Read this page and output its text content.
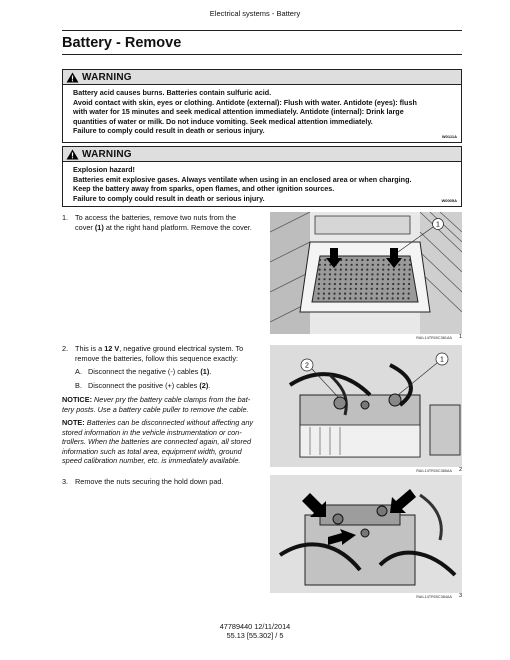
Electrical systems - Battery
Battery - Remove
WARNING
Battery acid causes burns. Batteries contain sulfuric acid.
Avoid contact with skin, eyes or clothing. Antidote (external): Flush with water. Antidote (eyes): flush
with water for 15 minutes and seek medical attention immediately. Antidote (internal): Drink large
quantities of water or milk. Do not induce vomiting. Seek medical attention immediately.
Failure to comply could result in death or serious injury.
W0111A
WARNING
Explosion hazard!
Batteries emit explosive gases. Always ventilate when using in an enclosed area or when charging.
Keep the battery away from sparks, open flames, and other ignition sources.
Failure to comply could result in death or serious injury.	W0005A
1. To access the batteries, remove two nuts from the
cover (1) at the right hand platform. Remove the cover.
2. This is a 12 V, negative ground electrical system. To
remove the batteries, follow this sequence exactly:
A. Disconnect the negative (-) cables (1).
B. Disconnect the positive (+) cables (2).
NOTICE: Never pry the battery cable clamps from the bat-
tery posts. Use a battery cable puller to remove the cable.
NOTE: Batteries can be disconnected without affecting any
stored information in the vehicle instrumentation or con-
trollers. When the batteries are connected again, all stored
information such as total area, equipment width, ground
speed calibration number, etc. is immediately available.
3. Remove the nuts securing the hold down pad.
1
RAIL14TR00C381AA 1
2
1
RAIL14TR00C385AA 2
RAIL14TR00C384AA 3
47789440 12/11/2014
55.13 [55.302] / 5
